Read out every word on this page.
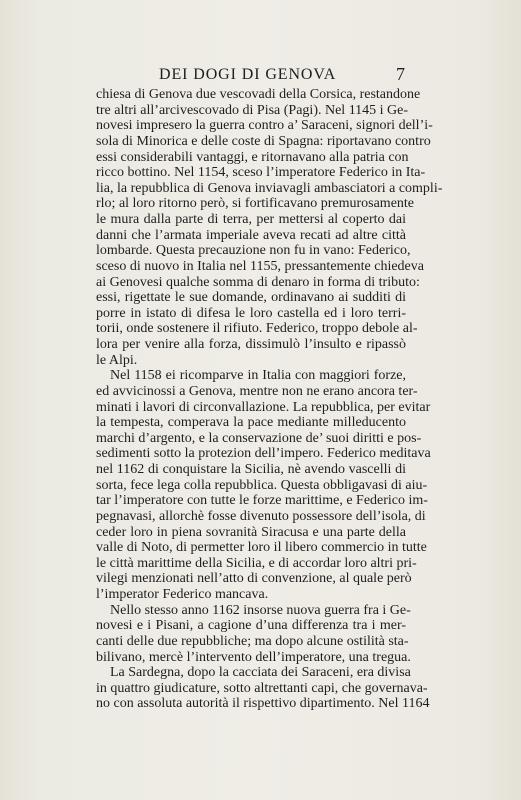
DEI DOGI DI GENOVA	7
chiesa di Genova due vescovadi della Corsica, restandone
tre altri all’arcivescovado di Pisa (Pagi). Nel 1145 i Ge-
novesi impresero la guerra contro a’ Saraceni, signori dell’i-
sola di Minorica e delle coste di Spagna: riportavano contro
essi considerabili vantaggi, e ritornavano alla patria con
ricco bottino. Nel 1154, sceso l’imperatore Federico in Ita-
lia, la repubblica di Genova inviavagli ambasciatori a compli-
rlo; al loro ritorno però, si fortificavano premurosamente
le mura dalla parte di terra, per mettersi al coperto dai
danni che l’armata imperiale aveva recati ad altre città
lombarde. Questa precauzione non fu in vano: Federico,
sceso di nuovo in Italia nel 1155, pressantemente chiedeva
ai Genovesi qualche somma di denaro in forma di tributo:
essi, rigettate le sue domande, ordinavano ai sudditi di
porre in istato di difesa le loro castella ed i loro terri-
torii, onde sostenere il rifiuto. Federico, troppo debole al-
lora per venire alla forza, dissimulò l’insulto e ripassò
le Alpi.
Nel 1158 ei ricomparve in Italia con maggiori forze,
ed avvicinossi a Genova, mentre non ne erano ancora ter-
minati i lavori di circonvallazione. La repubblica, per evitar
la tempesta, comperava la pace mediante milleducento
marchi d’argento, e la conservazione de’ suoi diritti e pos-
sedimenti sotto la protezion dell’impero. Federico meditava
nel 1162 di conquistare la Sicilia, nè avendo vascelli di
sorta, fece lega colla repubblica. Questa obbligavasi di aiu-
tar l’imperatore con tutte le forze marittime, e Federico im-
pegnavasi, allorchè fosse divenuto possessore dell’isola, di
ceder loro in piena sovranità Siracusa e una parte della
valle di Noto, di permetter loro il libero commercio in tutte
le città marittime della Sicilia, e di accordar loro altri pri-
vilegi menzionati nell’atto di convenzione, al quale però
l’imperator Federico mancava.
Nello stesso anno 1162 insorse nuova guerra fra i Ge-
novesi e i Pisani, a cagione d’una differenza tra i mer-
canti delle due repubbliche; ma dopo alcune ostilità sta-
bilivano, mercè l’intervento dell’imperatore, una tregua.
La Sardegna, dopo la cacciata dei Saraceni, era divisa
in quattro giudicature, sotto altrettanti capi, che governava-
no con assoluta autorità il rispettivo dipartimento. Nel 1164
